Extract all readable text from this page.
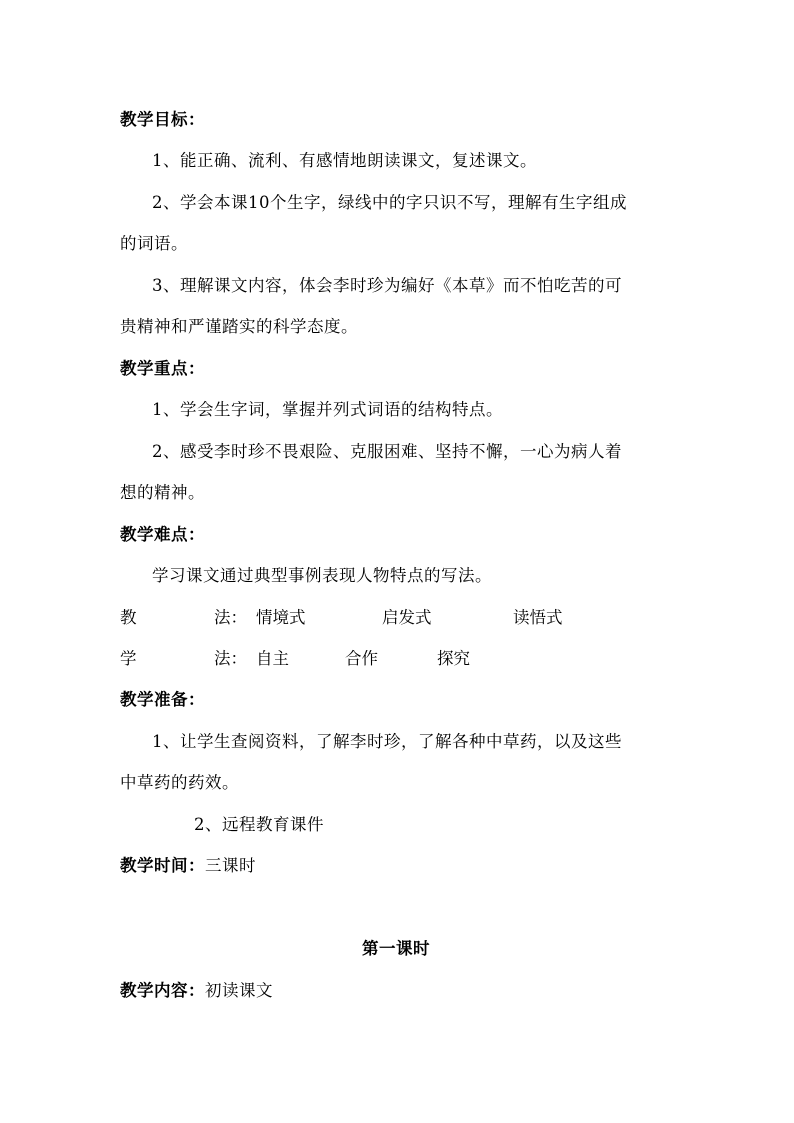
教学目标：
1、能正确、流利、有感情地朗读课文，复述课文。
2、学会本课10个生字，绿线中的字只识不写，理解有生字组成
的词语。
3、理解课文内容，体会李时珍为编好《本草》而不怕吃苦的可
贵精神和严谨踏实的科学态度。
教学重点：
1、学会生字词，掌握并列式词语的结构特点。
2、感受李时珍不畏艰险、克服困难、坚持不懈，一心为病人着
想的精神。
教学难点：
学习课文通过典型事例表现人物特点的写法。
教	法： 情境式	启发式	读悟式
学	法： 自主	合作	探究
教学准备：
1、让学生查阅资料，了解李时珍，了解各种中草药，以及这些
中草药的药效。
2、远程教育课件
教学时间：三课时
第一课时
教学内容：初读课文
